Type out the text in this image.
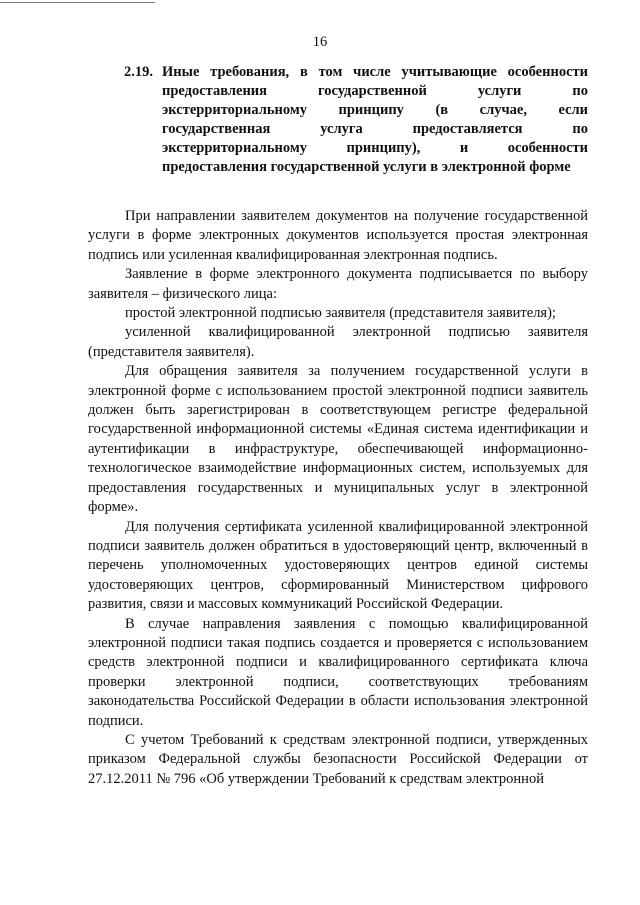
16
2.19. Иные требования, в том числе учитывающие особенности предоставления государственной услуги по экстерриториальному принципу (в случае, если государственная услуга предоставляется по экстерриториальному принципу), и особенности предоставления государственной услуги в электронной форме

При направлении заявителем документов на получение государственной услуги в форме электронных документов используется простая электронная подпись или усиленная квалифицированная электронная подпись.

Заявление в форме электронного документа подписывается по выбору заявителя – физического лица:

простой электронной подписью заявителя (представителя заявителя);

усиленной квалифицированной электронной подписью заявителя (представителя заявителя).

Для обращения заявителя за получением государственной услуги в электронной форме с использованием простой электронной подписи заявитель должен быть зарегистрирован в соответствующем регистре федеральной государственной информационной системы «Единая система идентификации и аутентификации в инфраструктуре, обеспечивающей информационно-технологическое взаимодействие информационных систем, используемых для предоставления государственных и муниципальных услуг в электронной форме».

Для получения сертификата усиленной квалифицированной электронной подписи заявитель должен обратиться в удостоверяющий центр, включенный в перечень уполномоченных удостоверяющих центров единой системы удостоверяющих центров, сформированный Министерством цифрового развития, связи и массовых коммуникаций Российской Федерации.

В случае направления заявления с помощью квалифицированной электронной подписи такая подпись создается и проверяется с использованием средств электронной подписи и квалифицированного сертификата ключа проверки электронной подписи, соответствующих требованиям законодательства Российской Федерации в области использования электронной подписи.

С учетом Требований к средствам электронной подписи, утвержденных приказом Федеральной службы безопасности Российской Федерации от 27.12.2011 № 796 «Об утверждении Требований к средствам электронной
